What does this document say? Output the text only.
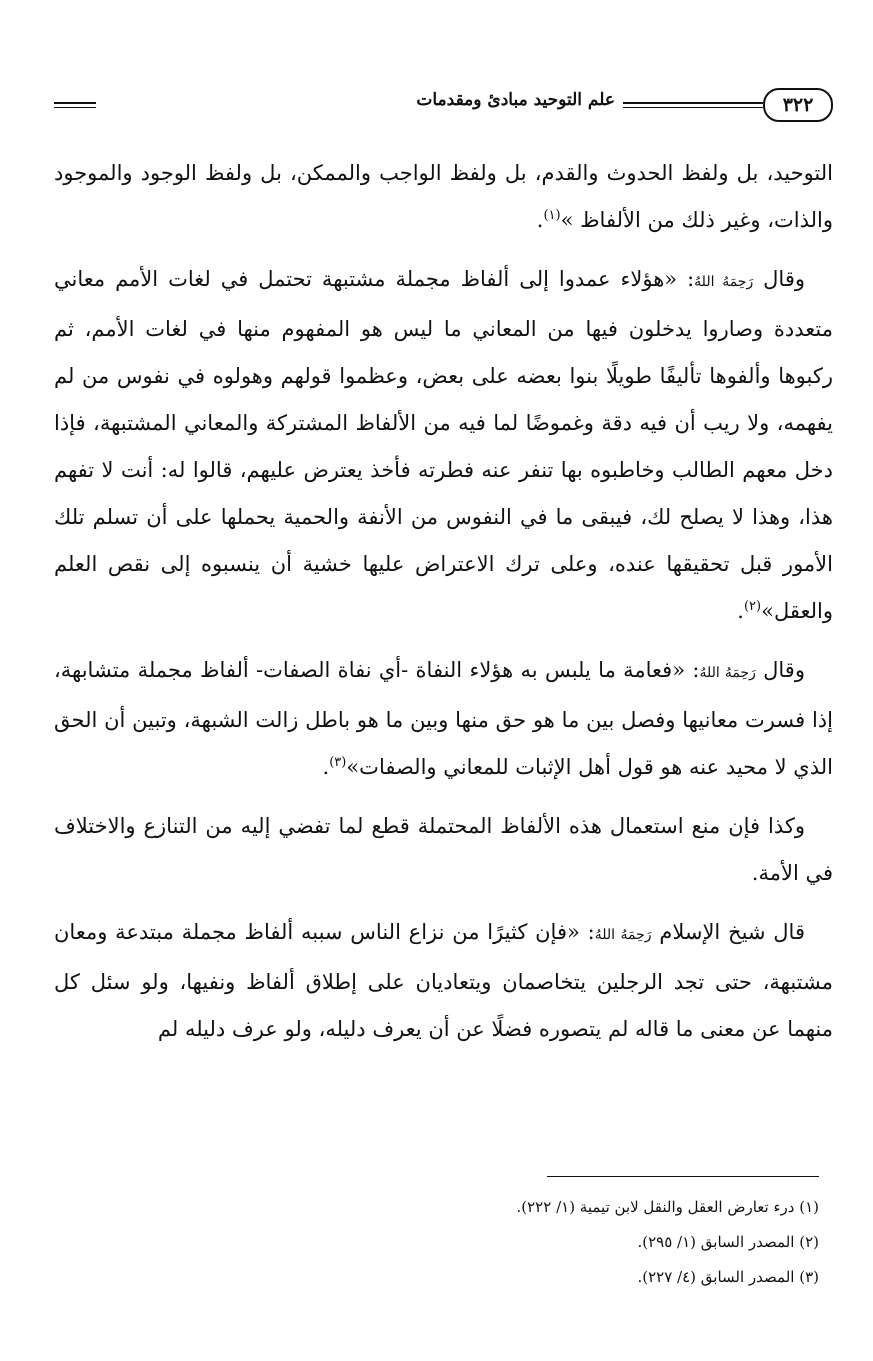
٣٢٢
علم التوحيد مبادئ ومقدمات

التوحيد، بل ولفظ الحدوث والقدم، بل ولفظ الواجب والممكن، بل ولفظ الوجود والموجود والذات، وغير ذلك من الألفاظ »$^{(١)}$.

وقال رَحِمَهُ اللهُ: «هؤلاء عمدوا إلى ألفاظ مجملة مشتبهة تحتمل في لغات الأمم معاني متعددة وصاروا يدخلون فيها من المعاني ما ليس هو المفهوم منها في لغات الأمم، ثم ركبوها وألفوها تأليفًا طويلًا بنوا بعضه على بعض، وعظموا قولهم وهولوه في نفوس من لم يفهمه، ولا ريب أن فيه دقة وغموضًا لما فيه من الألفاظ المشتركة والمعاني المشتبهة، فإذا دخل معهم الطالب وخاطبوه بها تنفر عنه فطرته فأخذ يعترض عليهم، قالوا له: أنت لا تفهم هذا، وهذا لا يصلح لك، فيبقى ما في النفوس من الأنفة والحمية يحملها على أن تسلم تلك الأمور قبل تحقيقها عنده، وعلى ترك الاعتراض عليها خشية أن ينسبوه إلى نقص العلم والعقل»$^{(٢)}$.

وقال رَحِمَهُ اللهُ: «فعامة ما يلبس به هؤلاء النفاة -أي نفاة الصفات- ألفاظ مجملة متشابهة، إذا فسرت معانيها وفصل بين ما هو حق منها وبين ما هو باطل زالت الشبهة، وتبين أن الحق الذي لا محيد عنه هو قول أهل الإثبات للمعاني والصفات»$^{(٣)}$.

وكذا فإن منع استعمال هذه الألفاظ المحتملة قطع لما تفضي إليه من التنازع والاختلاف في الأمة.

قال شيخ الإسلام رَحِمَهُ اللهُ: «فإن كثيرًا من نزاع الناس سببه ألفاظ مجملة مبتدعة ومعان مشتبهة، حتى تجد الرجلين يتخاصمان ويتعاديان على إطلاق ألفاظ ونفيها، ولو سئل كل منهما عن معنى ما قاله لم يتصوره فضلًا عن أن يعرف دليله، ولو عرف دليله لم

(١) درء تعارض العقل والنقل لابن تيمية (١/ ٢٢٢).
(٢) المصدر السابق (١/ ٢٩٥).
(٣) المصدر السابق (٤/ ٢٢٧).
